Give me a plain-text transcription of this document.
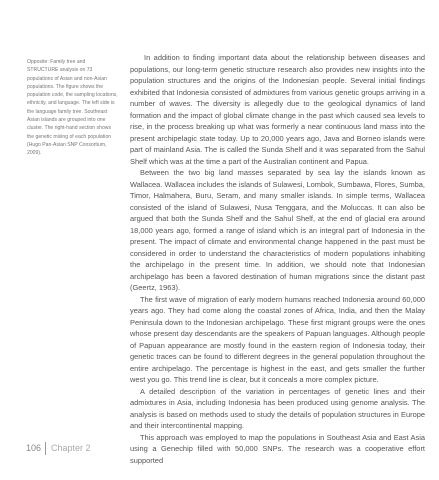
Opposite: Family tree and STRUCTURE analysis on 73 populations of Asian and non-Asian populations. The figure shows the population code, the sampling locations, ethnicity, and language. The left side is the language family tree. Southeast Asian islands are grouped into one cluster. The right-hand section shows the genetic mixing of each population (Hugo Pan-Asian SNP Consortium, 2009).

In addition to finding important data about the relationship between diseases and populations, our long-term genetic structure research also provides new insights into the population structures and the origins of the Indonesian people. Several initial findings exhibited that Indonesia consisted of admixtures from various genetic groups arriving in a number of waves. The diversity is allegedly due to the geological dynamics of land formation and the impact of global climate change in the past which caused sea levels to rise, in the process breaking up what was formerly a near continuous land mass into the present archipelagic state today. Up to 20,000 years ago, Java and Borneo islands were part of mainland Asia. The is called the Sunda Shelf and it was separated from the Sahul Shelf which was at the time a part of the Australian continent and Papua.

Between the two big land masses separated by sea lay the islands known as Wallacea. Wallacea includes the islands of Sulawesi, Lombok, Sumbawa, Flores, Sumba, Timor, Halmahera, Buru, Seram, and many smaller islands. In simple terms, Wallacea consisted of the island of Sulawesi, Nusa Tenggara, and the Moluccas. It can also be argued that both the Sunda Shelf and the Sahul Shelf, at the end of glacial era around 18,000 years ago, formed a range of island which is an integral part of Indonesia in the present. The impact of climate and environmental change happened in the past must be considered in order to understand the characteristics of modern populations inhabiting the archipelago in the present time. In addition, we should note that Indonesian archipelago has been a favored destination of human migrations since the distant past (Geertz, 1963).

The first wave of migration of early modern humans reached Indonesia around 60,000 years ago. They had come along the coastal zones of Africa, India, and then the Malay Peninsula down to the Indonesian archipelago. These first migrant groups were the ones whose present day descendants are the speakers of Papuan languages. Although people of Papuan appearance are mostly found in the eastern region of Indonesia today, their genetic traces can be found to different degrees in the general population throughout the entire archipelago. The percentage is highest in the east, and gets smaller the further west you go. This trend line is clear, but it conceals a more complex picture.

A detailed description of the variation in percentages of genetic lines and their admixtures in Asia, including Indonesia has been produced using genome analysis. The analysis is based on methods used to study the details of population structures in Europe and their intercontinental mapping.

This approach was employed to map the populations in Southeast Asia and East Asia using a Genechip filled with 50,000 SNPs. The research was a cooperative effort supported

106 Chapter 2
